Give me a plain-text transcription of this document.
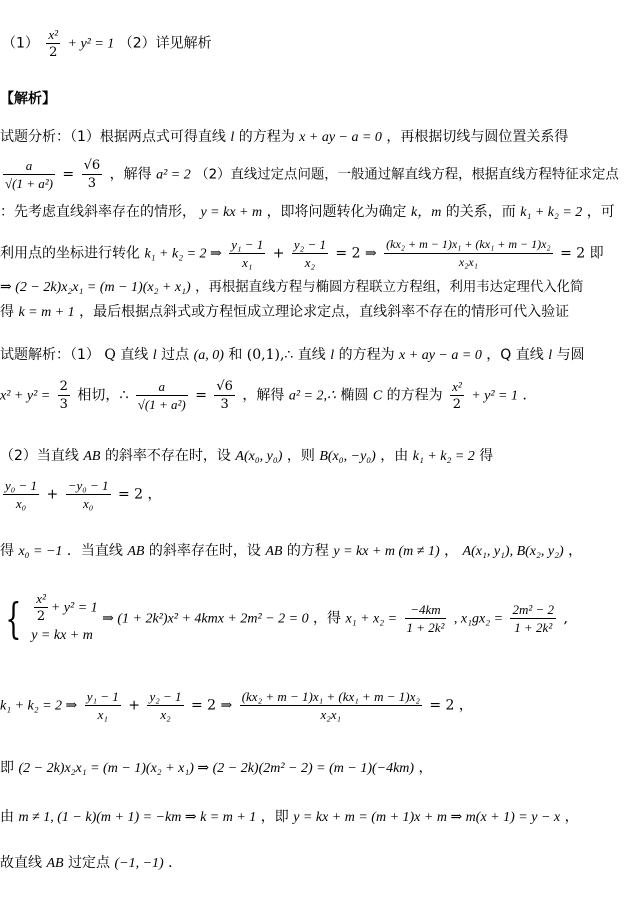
$(1) \frac{\text{x²}}{2} + y^2 = 1$ （2）详见解析
【解析】
试题分析：（1）根据两点式可得直线 l 的方程为 x + ay − a = 0 ，再根据切线与圆位置关系得
$\frac{a}{\text{√(1 + a²)}} = \frac{√6}{3}$ ，解得 a² = 2 （2）直线过定点问题，一般通过解直线方程，根据直线方程特征求定点
：先考虑直线斜率存在的情形， y = kx + m ，即将问题转化为确定 k，m 的关系，而 k₁ + k₂ = 2 ，可
利用点的坐标进行转化 k₁ + k₂ = 2 ⇒ $\frac{\text{y₁ − 1}}{\text{x₁}} + \frac{\text{y₂ − 1}}{\text{x₂}} = 2$ ⇒ $\frac{\text{(kx₂ + m − 1)x₁ + (kx₁ + m − 1)x₂}}{\text{x₂x₁}} = 2$ 即
⇒ (2 − 2k)x₂x₁ = (m − 1)(x₂ + x₁) ，再根据直线方程与椭圆方程联立方程组，利用韦达定理代入化简
得 k = m + 1 ，最后根据点斜式或方程恒成立理论求定点，直线斜率不存在的情形可代入验证
试题解析：（1） Q 直线 l 过点 (a, 0) 和 (0,1),∴ 直线 l 的方程为 x + ay − a = 0 ，Q 直线 l 与圆
$x^2 + y^2 = \frac{2}{3}$ 相切，∴ $\frac{a}{\text{√(1 + a²)}} = \frac{√6}{3}$ ，解得 a² = 2,∴ 椭圆 C 的方程为 $\frac{\text{x²}}{2} + y^2 = 1$ ．
（2）当直线 AB 的斜率不存在时，设 A(x₀, y₀) ，则 B(x₀, −y₀) ，由 k₁ + k₂ = 2 得
$\frac{\text{y₀ − 1}}{\text{x₀}} + \frac{\text{−y₀ − 1}}{\text{x₀}} = 2$ ，
得 x₀ = −1 ．当直线 AB 的斜率存在时，设 AB 的方程 y = kx + m (m ≠ 1) ， A(x₁, y₁), B(x₂, y₂) ，
{ $\frac{\text{x²}}{2} + y^2 = 1$
y = kx + m
⇒ (1 + 2k²)x² + 4kmx + 2m² − 2 = 0 ，得 $x_1 + x_2 = \frac{-4km}{\text{1 + 2k²}}$ , $x_1gx_2 = \frac{\text{2m² − 2}}{\text{1 + 2k²}}$ ,
k₁ + k₂ = 2 ⇒ $\frac{\text{y₁ − 1}}{\text{x₁}} + \frac{\text{y₂ − 1}}{\text{x₂}} = 2$ ⇒ $\frac{\text{(kx₂ + m − 1)x₁ + (kx₁ + m − 1)x₂}}{\text{x₂x₁}} = 2$ ，
即 (2 − 2k)x₂x₁ = (m − 1)(x₂ + x₁) ⇒ (2 − 2k)(2m² − 2) = (m − 1)(−4km) ，
由 m ≠ 1, (1 − k)(m + 1) = −km ⇒ k = m + 1 ，即 y = kx + m = (m + 1)x + m ⇒ m(x + 1) = y − x ，
故直线 AB 过定点 (−1, −1) ．
